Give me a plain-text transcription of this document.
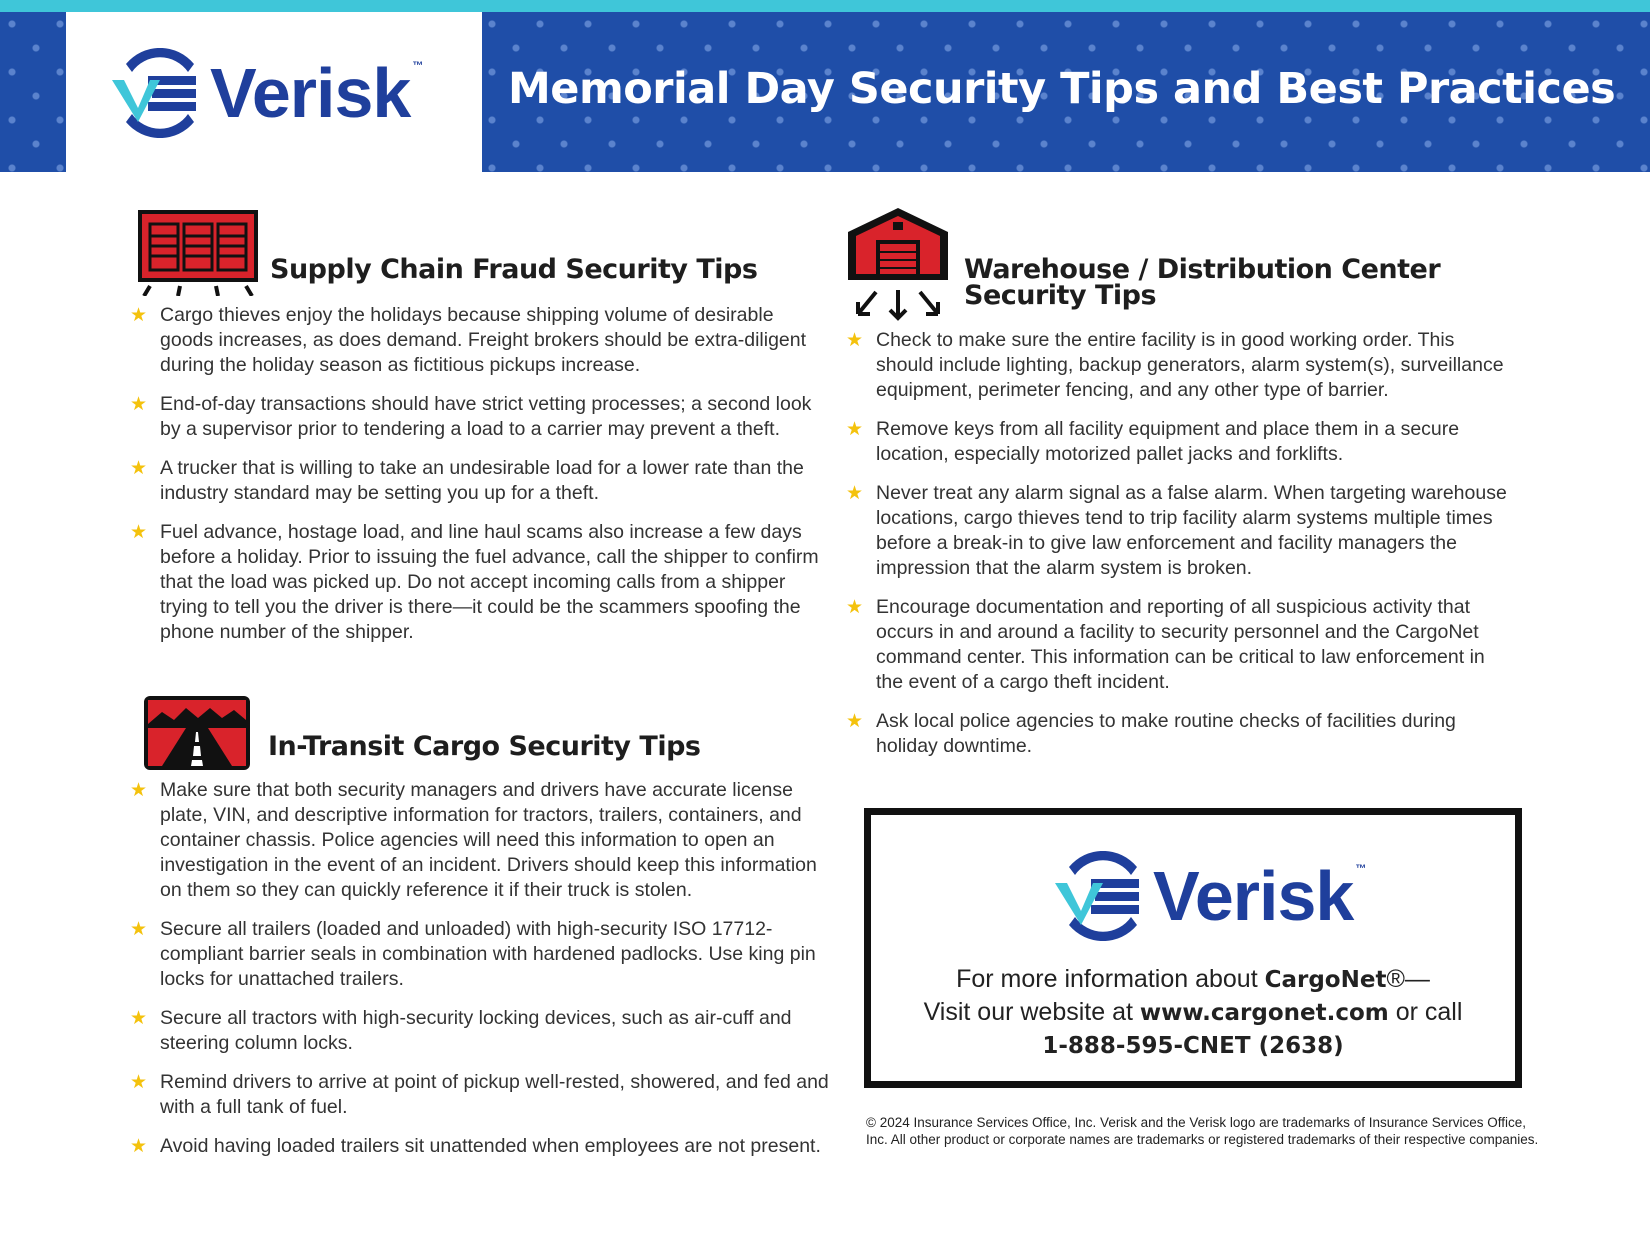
Verisk ™ Memorial Day Security Tips and Best Practices
Supply Chain Fraud Security Tips
★ Cargo thieves enjoy the holidays because shipping volume of desirable goods increases, as does demand. Freight brokers should be extra-diligent during the holiday season as fictitious pickups increase.
★ End-of-day transactions should have strict vetting processes; a second look by a supervisor prior to tendering a load to a carrier may prevent a theft.
★ A trucker that is willing to take an undesirable load for a lower rate than the industry standard may be setting you up for a theft.
★ Fuel advance, hostage load, and line haul scams also increase a few days before a holiday. Prior to issuing the fuel advance, call the shipper to confirm that the load was picked up. Do not accept incoming calls from a shipper trying to tell you the driver is there—it could be the scammers spoofing the phone number of the shipper.
In-Transit Cargo Security Tips
★ Make sure that both security managers and drivers have accurate license plate, VIN, and descriptive information for tractors, trailers, containers, and container chassis. Police agencies will need this information to open an investigation in the event of an incident. Drivers should keep this information on them so they can quickly reference it if their truck is stolen.
★ Secure all trailers (loaded and unloaded) with high-security ISO 17712-compliant barrier seals in combination with hardened padlocks. Use king pin locks for unattached trailers.
★ Secure all tractors with high-security locking devices, such as air-cuff and steering column locks.
★ Remind drivers to arrive at point of pickup well-rested, showered, and fed and with a full tank of fuel.
★ Avoid having loaded trailers sit unattended when employees are not present.
Warehouse / Distribution Center
Security Tips
★ Check to make sure the entire facility is in good working order. This should include lighting, backup generators, alarm system(s), surveillance equipment, perimeter fencing, and any other type of barrier.
★ Remove keys from all facility equipment and place them in a secure location, especially motorized pallet jacks and forklifts.
★ Never treat any alarm signal as a false alarm. When targeting warehouse locations, cargo thieves tend to trip facility alarm systems multiple times before a break-in to give law enforcement and facility managers the impression that the alarm system is broken.
★ Encourage documentation and reporting of all suspicious activity that occurs in and around a facility to security personnel and the CargoNet command center. This information can be critical to law enforcement in the event of a cargo theft incident.
★ Ask local police agencies to make routine checks of facilities during holiday downtime.
Verisk ™
For more information about CargoNet®—
Visit our website at www.cargonet.com or call
1-888-595-CNET (2638)
© 2024 Insurance Services Office, Inc. Verisk and the Verisk logo are trademarks of Insurance Services Office, Inc. All other product or corporate names are trademarks or registered trademarks of their respective companies.
